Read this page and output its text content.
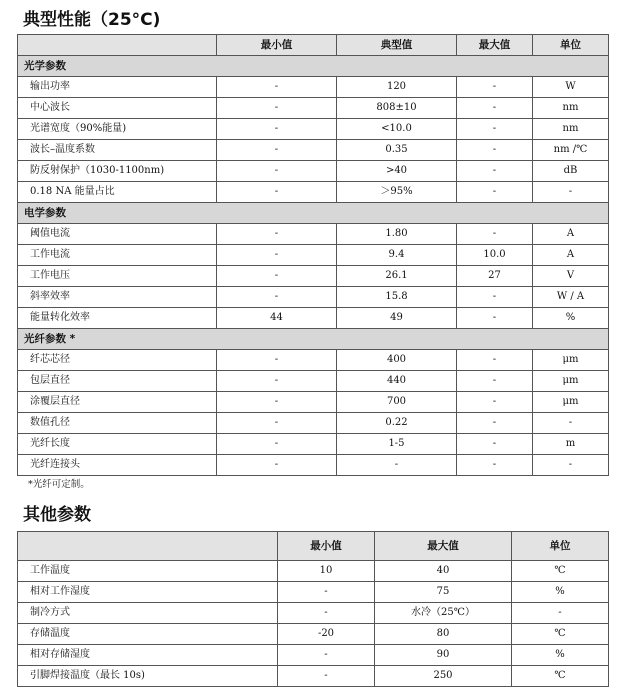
典型性能（25°C)
	最小值	典型值	最大值	单位
光学参数				
输出功率	-	120	-	W
中心波长	-	808±10	-	nm
光谱宽度（90%能量)	-	<10.0	-	nm
波长–温度系数	-	0.35	-	nm /℃
防反射保护（1030-1100nm)	-	>40	-	dB
0.18 NA 能量占比	-	＞95%	-	-
电学参数				
阈值电流	-	1.80	-	A
工作电流	-	9.4	10.0	A
工作电压	-	26.1	27	V
斜率效率	-	15.8	-	W / A
能量转化效率	44	49	-	%
光纤参数 *				
纤芯芯径	-	400	-	μm
包层直径	-	440	-	μm
涂覆层直径	-	700	-	μm
数值孔径	-	0.22	-	-
光纤长度	-	1-5	-	m
光纤连接头	-	-	-	-
*光纤可定制。
其他参数
	最小值	最大值	单位
工作温度	10	40	℃
相对工作湿度	-	75	%
制冷方式	-	水冷（25℃）	-
存储温度	-20	80	℃
相对存储湿度	-	90	%
引脚焊接温度（最长 10s)	-	250	℃
